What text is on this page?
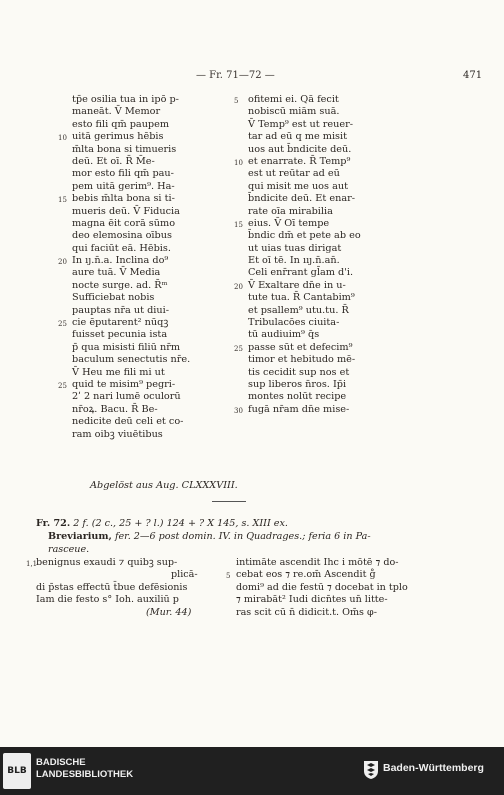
— Fr. 71—72 —	471
tp̄e osilia tua in ipō p-
maneāt. V̄ Memor
esto fili qm̄ paupem
10 uitā gerimus hēbis
m̄lta bona si timueris
deū. Et oī. R̄ M̄e-
mor esto fili qm̄ pau-
pem uitā gerim⁹. Ha-
15 bebis m̄lta bona si ti-
mueris deū. V̄ Fiducia
magna ēit corā sūmo
deo elemosina oībus
qui faciūt eā. Hēbis.
20 In ıȷ.n̄.a. Inclina do⁹
aure tuā. V̄ Media
nocte surge. ad. R̄ᵐ
Sufficiebat nobis
pauptas nr̄a ut diui-
25 cie ēputarent² nūqꝫ
fuisset pecunia ista
p̄ qua misisti filiū nr̄m
baculum senectutis nr̄e.
V̄ Heu me fili mi ut
25 quid te misim⁹ pegri-
2ʹ 2 nari lumē oculorū
nr̄oꝝ. Bacu. R̄ Be-
nedicite deū celi et co-
ram oibꝫ viuētibus
5 ofitemi ei. Qā fecit
nobiscū miām suā.
V̄ Temp⁹ est ut reuer-
tar ad eū q me misit
uos aut b̄ndicite deū.
10 et enarrate. R̄ Temp⁹
est ut reūtar ad eū
qui misit me uos aut
b̄ndicite deū. Et enar-
rate oīa mirabilia
15 eius. V̄ Oī tempe
b̄ndic dm̄ et pete ab eo
ut uias tuas dirigat
Et oī tē. In ııȷ.n̄.an̄.
Celi enr̄rant gl̄am d'i.
20 V̄ Exaltare dn̄e in u-
tute tua. R̄ Cantabim⁹
et psallem⁹ utu.tu. R̄
Tribulacōes ciuita-
tū audiuim⁹ q̄s
25 passe sūt et defecim⁹
timor et hebitudo mē-
tis cecidit sup nos et
sup liberos n̄ros. Ip̄i
montes nolūt recipe
30 fugā nr̄am dn̄e mise-
Abgelöst aus Aug. CLXXXVIII.
Fr. 72. 2 f. (2 c., 25 + ? l.) 124 + ? X 145, s. XIII ex.
Breviarium, fer. 2—6 post domin. IV. in Quadrages.; feria 6 in Pa-
rasceue.
1,1
benignus exaudi ⁊ quibꝫ sup-
plicā-
di p̄stas effectū t̄bue defēsionis
Iam die festo s° Ioh. auxiliū p
(Mur. 44)
intimāte ascendit Ihc i mōtē ⁊ do-
5 cebat eos ⁊ re.om̄ Ascendit g̊
domi⁹ ad die festū ⁊ docebat in tplo
⁊ mirabāt² Iudi dicn̄tes un̄ litte-
ras scit cū n̄ didicit.t. Om̄s φ-
BLB
BADISCHE
LANDESBIBLIOTHEK
Baden-Württemberg
